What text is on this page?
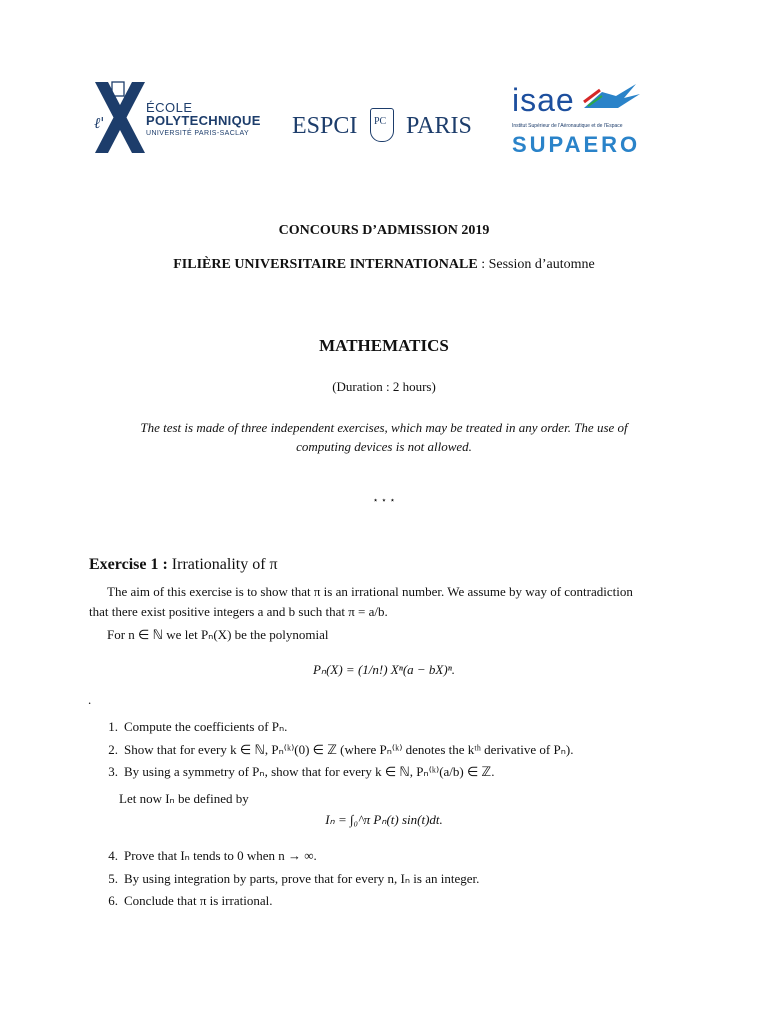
ℓ'
ÉCOLE
POLYTECHNIQUE
UNIVERSITÉ PARIS-SACLAY ESPCI PC PARIS
isae
Institut Supérieur de l'Aéronautique et de l'Espace
SUPAERO
CONCOURS D’ADMISSION 2019
FILIÈRE UNIVERSITAIRE INTERNATIONALE : Session d’automne
MATHEMATICS
(Duration : 2 hours)
The test is made of three independent exercises, which may be treated in any order. The use of
computing devices is not allowed.
⋆ ⋆ ⋆
Exercise 1 : Irrationality of π
The aim of this exercise is to show that π is an irrational number. We assume by way of contradiction
that there exist positive integers a and b such that π = a/b.
For n ∈ ℕ we let Pₙ(X) be the polynomial
Pₙ(X) = (1/n!) Xⁿ(a − bX)ⁿ.
.
1. Compute the coefficients of Pₙ.
2. Show that for every k ∈ ℕ, Pₙ⁽ᵏ⁾(0) ∈ ℤ (where Pₙ⁽ᵏ⁾ denotes the kᵗʰ derivative of Pₙ).
3. By using a symmetry of Pₙ, show that for every k ∈ ℕ, Pₙ⁽ᵏ⁾(a/b) ∈ ℤ.
Let now Iₙ be defined by
Iₙ = ∫₀^π Pₙ(t) sin(t)dt.
4. Prove that Iₙ tends to 0 when n → ∞.
5. By using integration by parts, prove that for every n, Iₙ is an integer.
6. Conclude that π is irrational.
